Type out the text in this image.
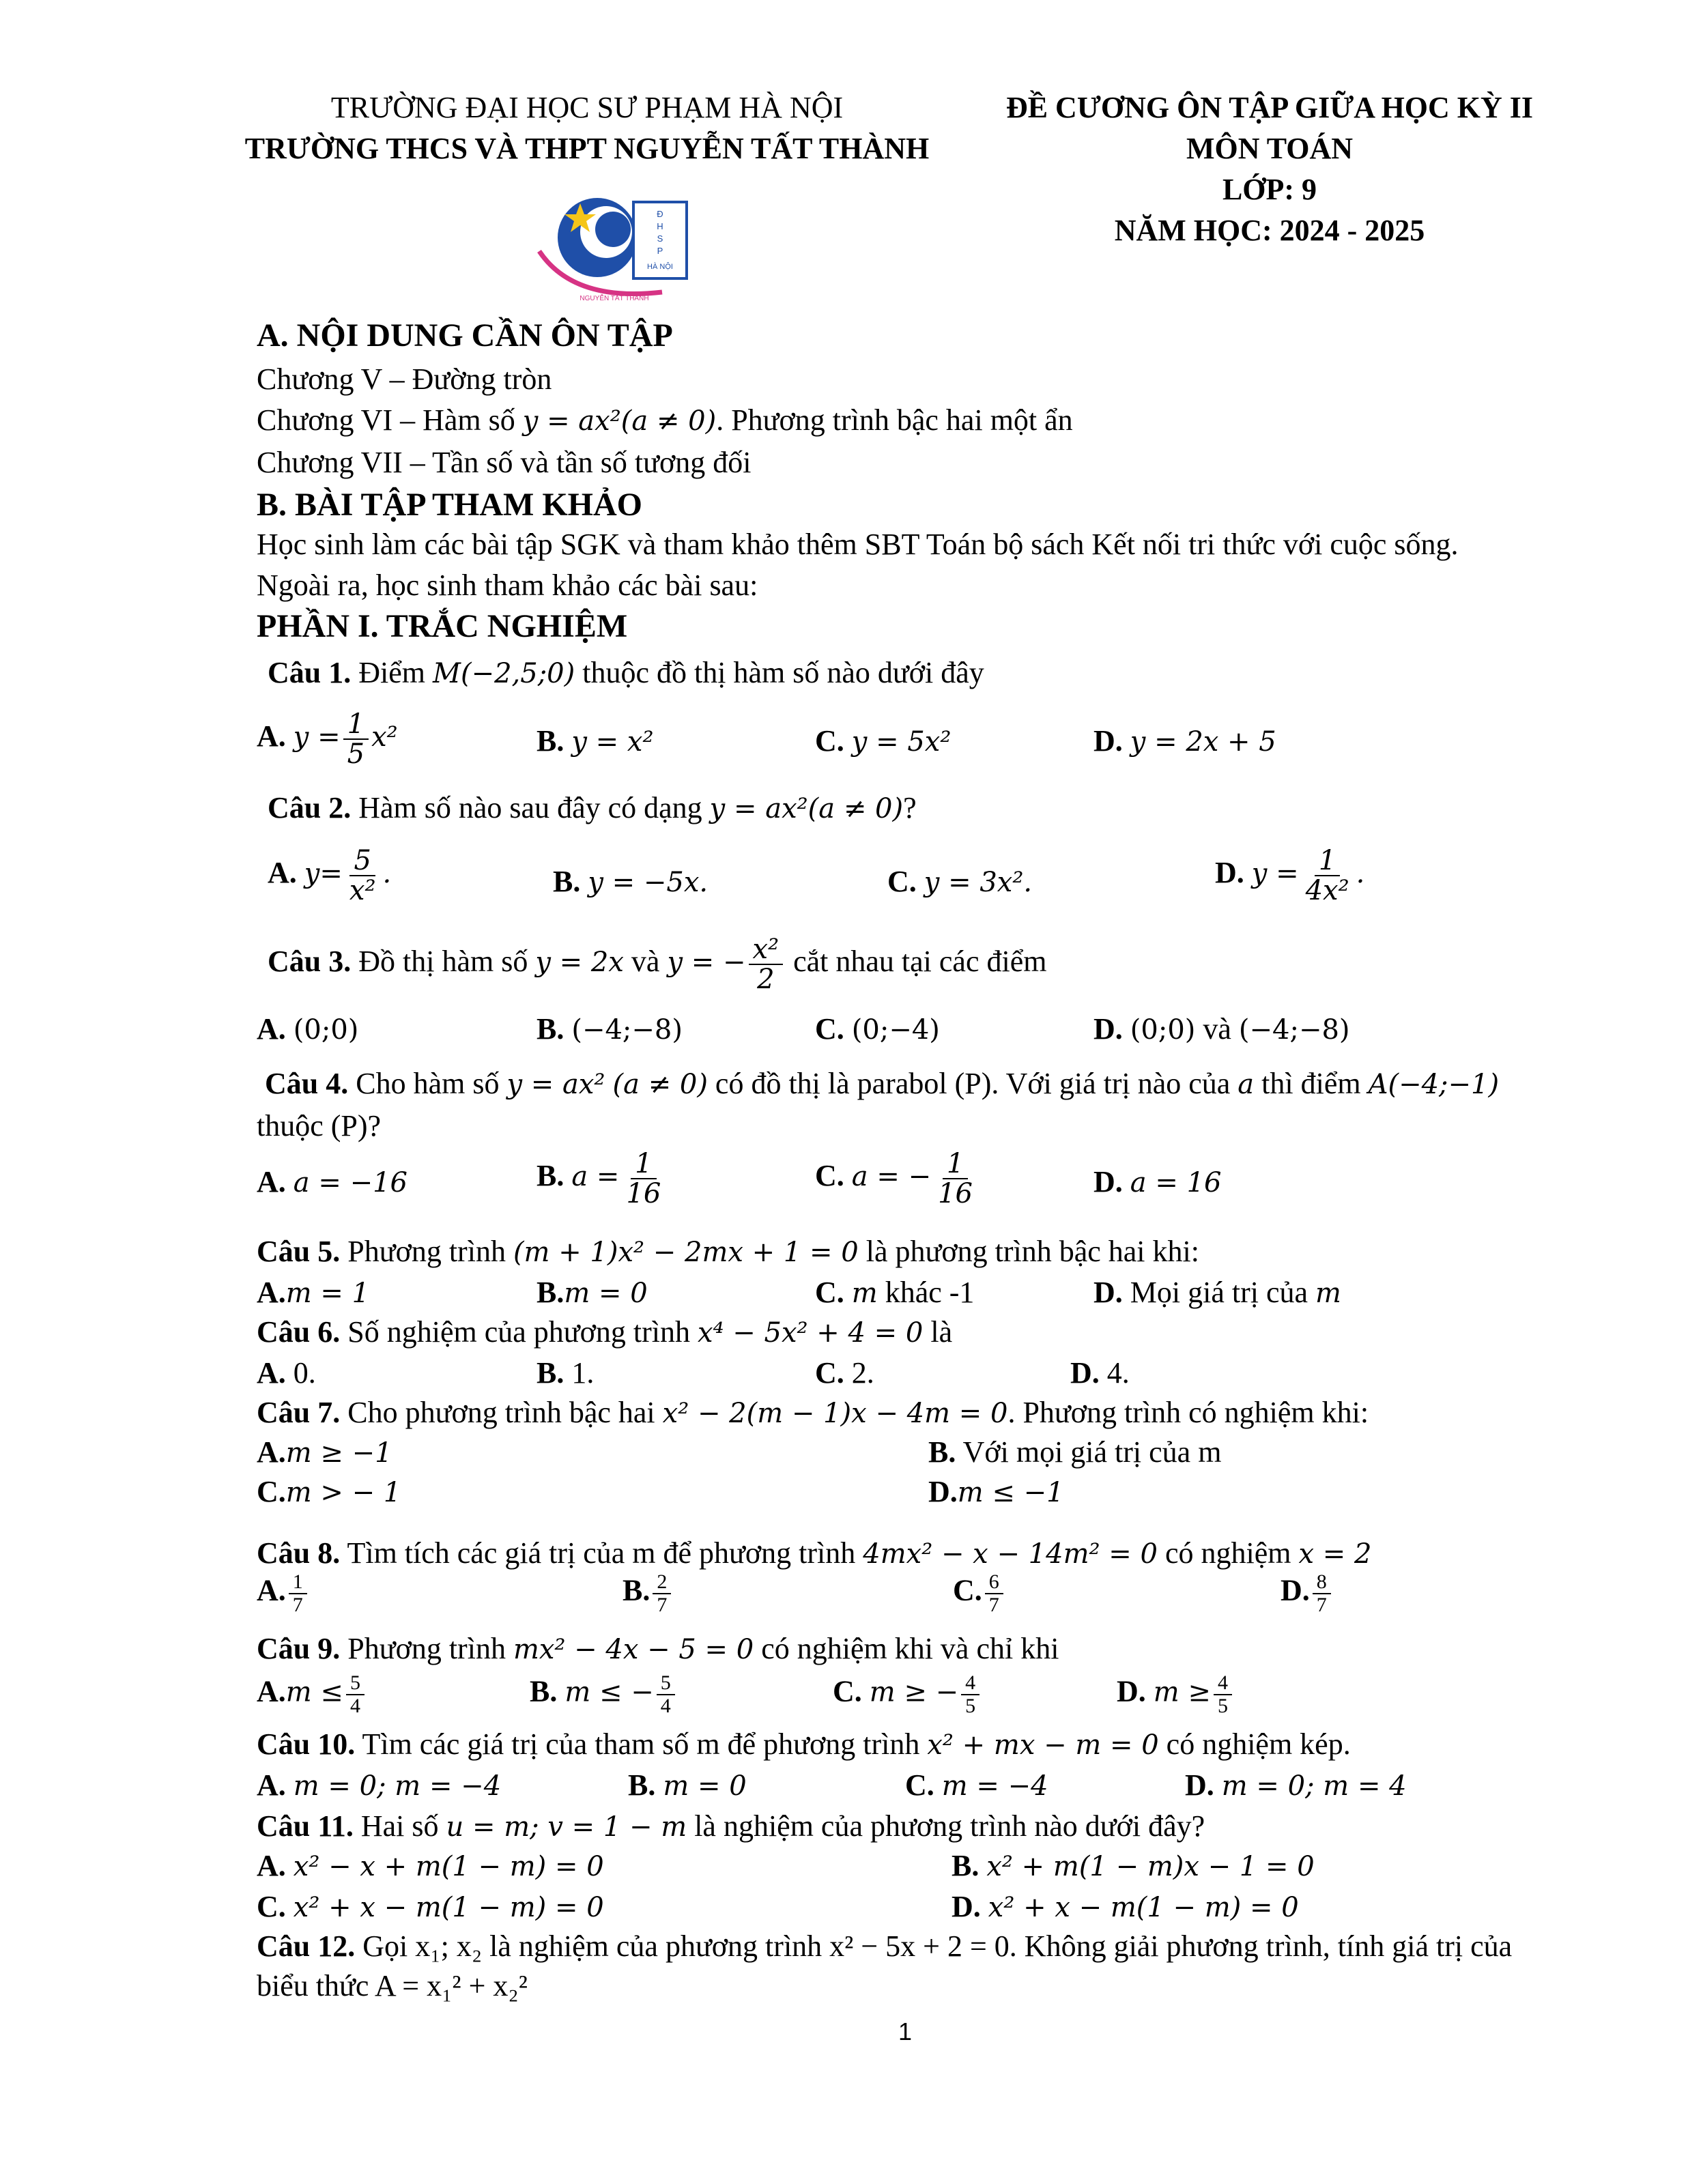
TRƯỜNG ĐẠI HỌC SƯ PHẠM HÀ NỘI
TRƯỜNG THCS VÀ THPT NGUYỄN TẤT THÀNH
ĐỀ CƯƠNG ÔN TẬP GIỮA HỌC KỲ II
MÔN TOÁN
LỚP: 9
NĂM HỌC: 2024 - 2025
Đ
H
S
P
HÀ NỘI
NGUYỄN TẤT THÀNH
A. NỘI DUNG CẦN ÔN TẬP
Chương V – Đường tròn
Chương VI – Hàm số y = ax²(a ≠ 0). Phương trình bậc hai một ẩn
Chương VII – Tần số và tần số tương đối
B. BÀI TẬP THAM KHẢO
Học sinh làm các bài tập SGK và tham khảo thêm SBT Toán bộ sách Kết nối tri thức với cuộc sống.
Ngoài ra, học sinh tham khảo các bài sau:
PHẦN I. TRẮC NGHIỆM
Câu 1. Điểm M(−2,5;0) thuộc đồ thị hàm số nào dưới đây
A. $y = \frac{1}{5} x^2$	B. y = x²	C. y = 5x²	D. y = 2x + 5
Câu 2. Hàm số nào sau đây có dạng y = ax²(a ≠ 0)?
A. $y= \frac{5}{\text{x²}}$ .	B. y = −5x.	C. y = 3x².	D. $y = \frac{1}{\text{4x²}}$ .
Câu 3. Đồ thị hàm số y = 2x và y = − $\frac{\text{x²}}{2}$ cắt nhau tại các điểm
A. (0;0)	B. (−4;−8)	C. (0;−4)	D. (0;0) và (−4;−8)
Câu 4. Cho hàm số y = ax² (a ≠ 0) có đồ thị là parabol (P). Với giá trị nào của a thì điểm A(−4;−1)
thuộc (P)?
A. a = −16	B. $a = \frac{1}{16}$	C. a = − $\frac{1}{16}$	D. a = 16
Câu 5. Phương trình (m + 1)x² − 2mx + 1 = 0 là phương trình bậc hai khi:
A.m = 1	B.m = 0	C. m khác -1	D. Mọi giá trị của m
Câu 6. Số nghiệm của phương trình x⁴ − 5x² + 4 = 0 là
A. 0.	B. 1.	C. 2.	D. 4.
Câu 7. Cho phương trình bậc hai x² − 2(m − 1)x − 4m = 0. Phương trình có nghiệm khi:
A.m ≥ −1	B. Với mọi giá trị của m
C.m > − 1	D.m ≤ −1
Câu 8. Tìm tích các giá trị của m để phương trình 4mx² − x − 14m² = 0 có nghiệm x = 2
A. $\frac{1}{7}$	B. $\frac{2}{7}$	C. $\frac{6}{7}$	D. $\frac{8}{7}$
Câu 9. Phương trình mx² − 4x − 5 = 0 có nghiệm khi và chỉ khi
$A.m \le \frac{5}{4}$	B. m ≤ − $\frac{5}{4}$	C. m ≥ − $\frac{4}{5}$	D. $m \ge \frac{4}{5}$
Câu 10. Tìm các giá trị của tham số m để phương trình x² + mx − m = 0 có nghiệm kép.
A. m = 0; m = −4	B. m = 0	C. m = −4	D. m = 0; m = 4
Câu 11. Hai số u = m; v = 1 − m là nghiệm của phương trình nào dưới đây?
A. x² − x + m(1 − m) = 0	B. x² + m(1 − m)x − 1 = 0
C. x² + x − m(1 − m) = 0	D. x² + x − m(1 − m) = 0
Câu 12. Gọi x₁; x₂ là nghiệm của phương trình x² − 5x + 2 = 0. Không giải phương trình, tính giá trị của
biểu thức A = x₁² + x₂²
1
